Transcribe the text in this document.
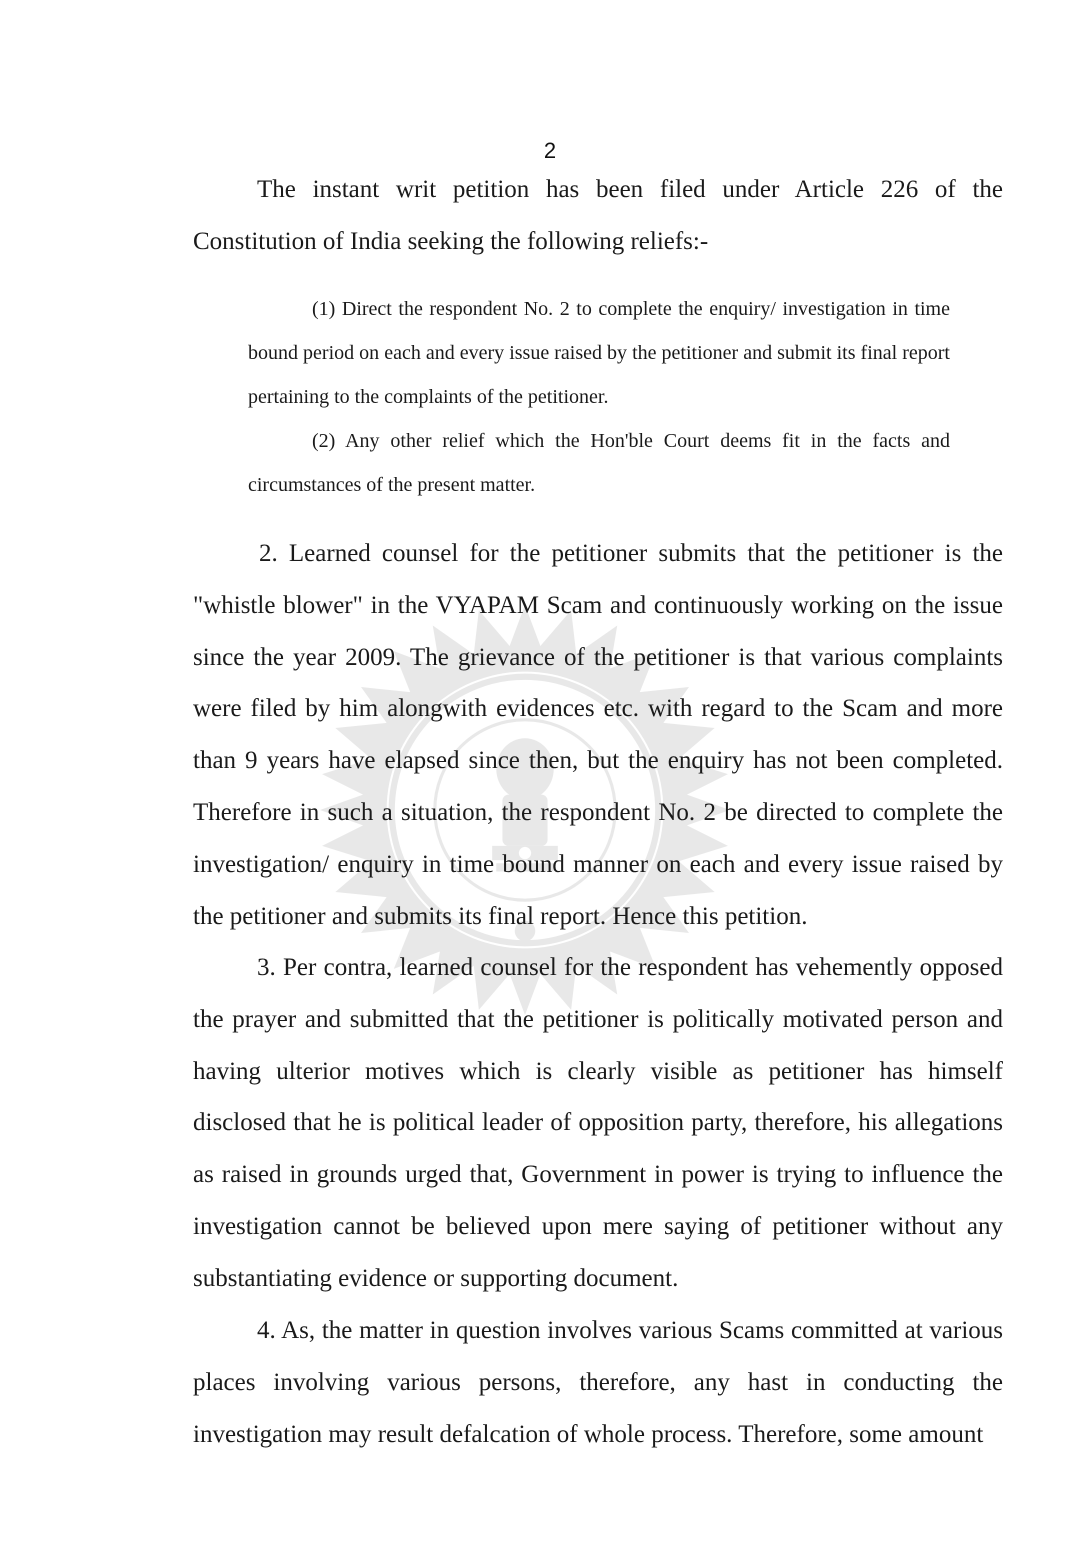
2

The instant writ petition has been filed under Article 226 of the Constitution of India seeking the following reliefs:-

(1) Direct the respondent No. 2 to complete the enquiry/ investigation in time bound period on each and every issue raised by the petitioner and submit its final report pertaining to the complaints of the petitioner.

(2) Any other relief which the Hon'ble Court deems fit in the facts and circumstances of the present matter.

2. Learned counsel for the petitioner submits that the petitioner is the "whistle blower" in the VYAPAM Scam and continuously working on the issue since the year 2009. The grievance of the petitioner is that various complaints were filed by him alongwith evidences etc. with regard to the Scam and more than 9 years have elapsed since then, but the enquiry has not been completed. Therefore in such a situation, the respondent No. 2 be directed to complete the investigation/ enquiry in time bound manner on each and every issue raised by the petitioner and submits its final report. Hence this petition.

3. Per contra, learned counsel for the respondent has vehemently opposed the prayer and submitted that the petitioner is politically motivated person and having ulterior motives which is clearly visible as petitioner has himself disclosed that he is political leader of opposition party, therefore, his allegations as raised in grounds urged that, Government in power is trying to influence the investigation cannot be believed upon mere saying of petitioner without any substantiating evidence or supporting document.

4. As, the matter in question involves various Scams committed at various places involving various persons, therefore, any hast in conducting the investigation may result defalcation of whole process. Therefore, some amount
